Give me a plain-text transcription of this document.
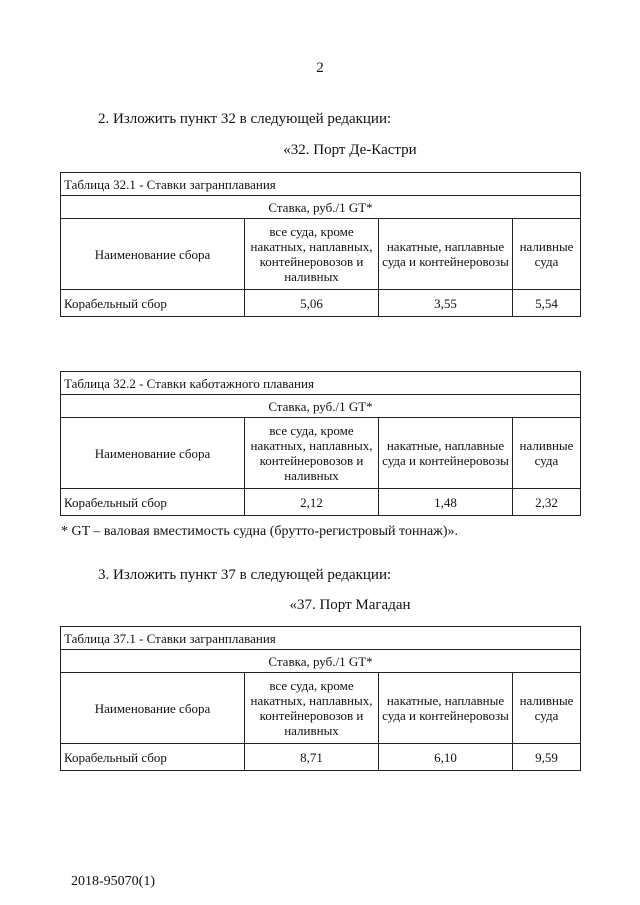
2
2. Изложить пункт 32 в следующей редакции:
«32. Порт Де-Кастри
Таблица 32.1 - Ставки загранплавания			
Ставка, руб./1 GT*			
Наименование сбора	все суда, кроме накатных, наплавных, контейнеровозов и наливных	накатные, наплавные суда и контейнеровозы	наливные суда
Корабельный сбор	5,06	3,55	5,54
Таблица 32.2 - Ставки каботажного плавания			
Ставка, руб./1 GT*			
Наименование сбора	все суда, кроме накатных, наплавных, контейнеровозов и наливных	накатные, наплавные суда и контейнеровозы	наливные суда
Корабельный сбор	2,12	1,48	2,32
* GT – валовая вместимость судна (брутто-регистровый тоннаж)».
3. Изложить пункт 37 в следующей редакции:
«37. Порт Магадан
Таблица 37.1 - Ставки загранплавания			
Ставка, руб./1 GT*			
Наименование сбора	все суда, кроме накатных, наплавных, контейнеровозов и наливных	накатные, наплавные суда и контейнеровозы	наливные суда
Корабельный сбор	8,71	6,10	9,59
2018-95070(1)
